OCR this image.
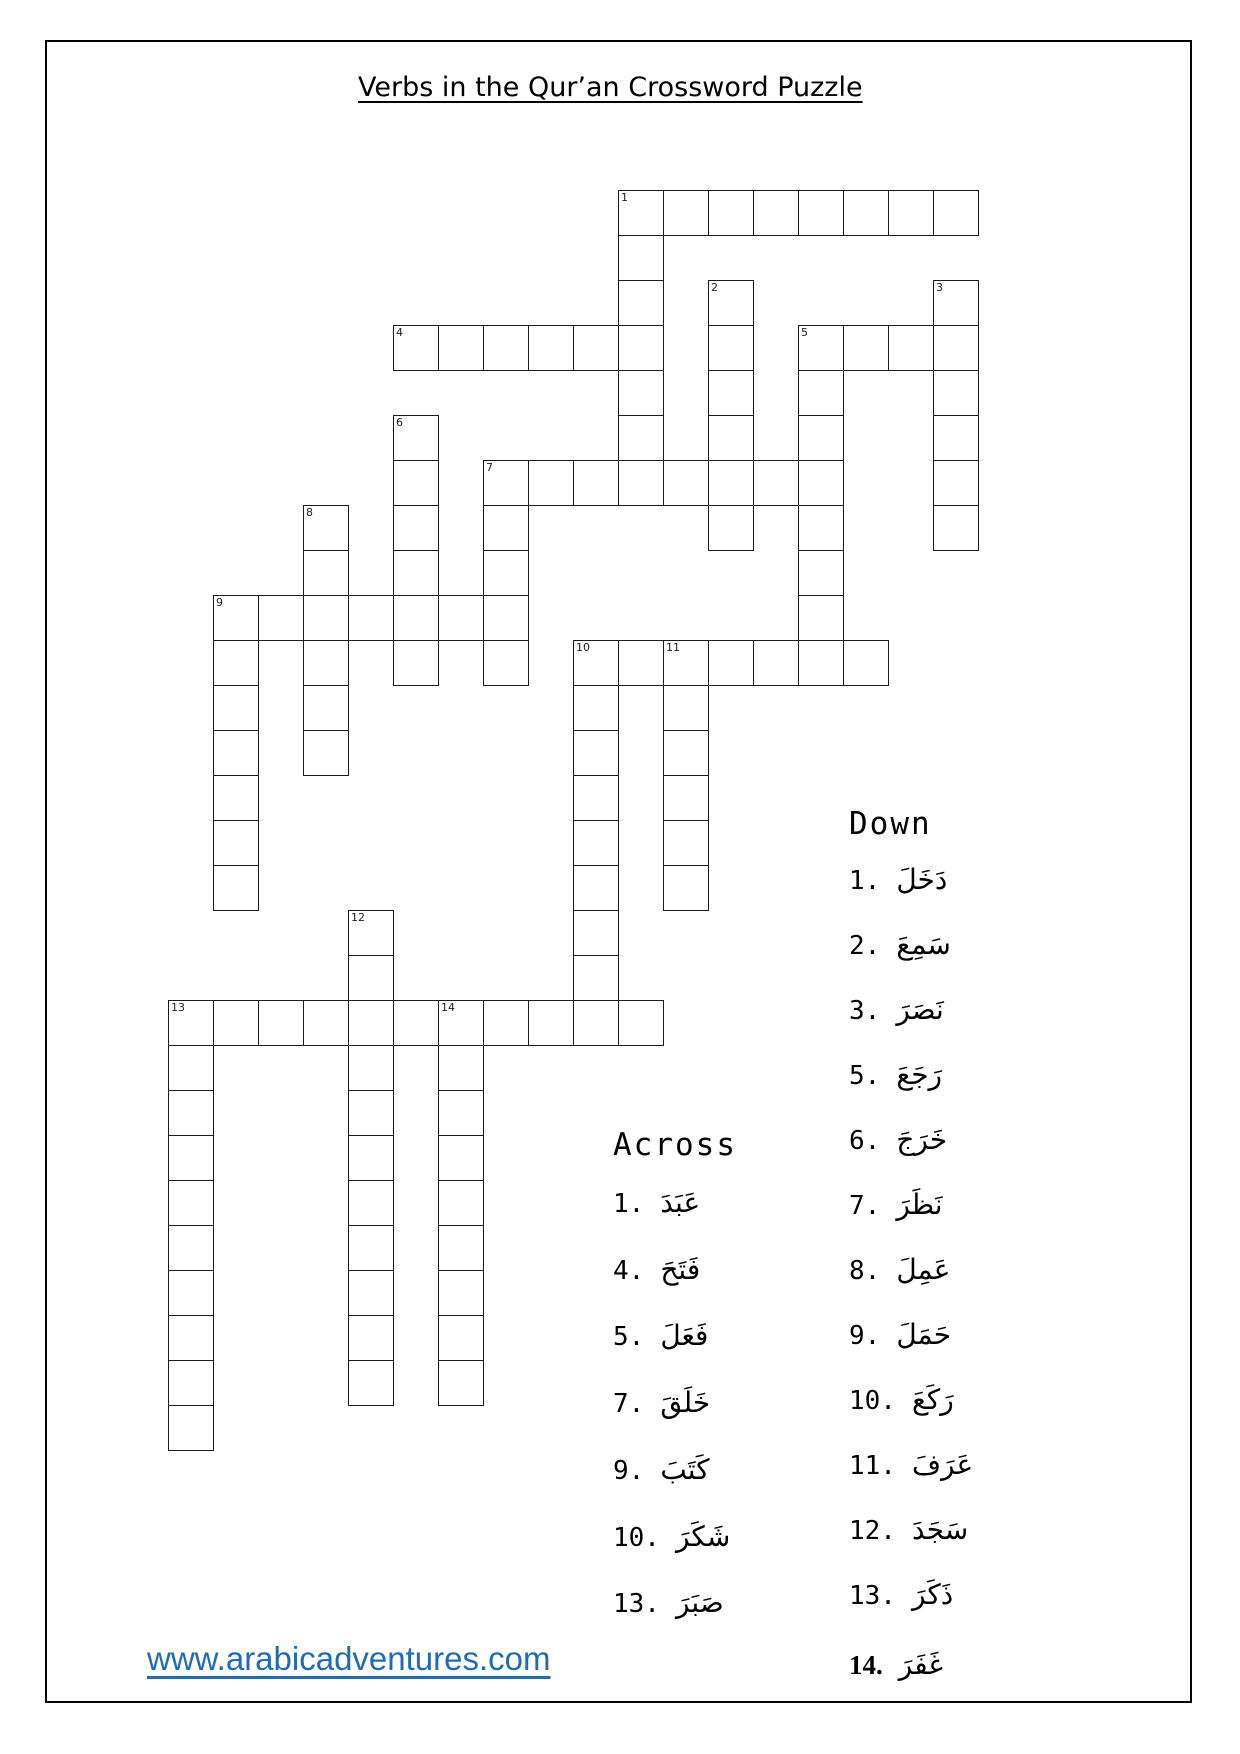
Verbs in the Qur’an Crossword Puzzle
1
2	3
4	5
6
7
8
9
10	11
12
13	14
Across
1. عَبَدَ
4. فَتَحَ
5. فَعَلَ
7. خَلَقَ
9. كَتَبَ
10. شَكَرَ
13. صَبَرَ
Down
1. دَخَلَ
2. سَمِعَ
3. نَصَرَ
5. رَجَعَ
6. خَرَجَ
7. نَظَرَ
8. عَمِلَ
9. حَمَلَ
10. رَكَعَ
11. عَرَفَ
12. سَجَدَ
13. ذَكَرَ
14. غَفَرَ
www.arabicadventures.com
